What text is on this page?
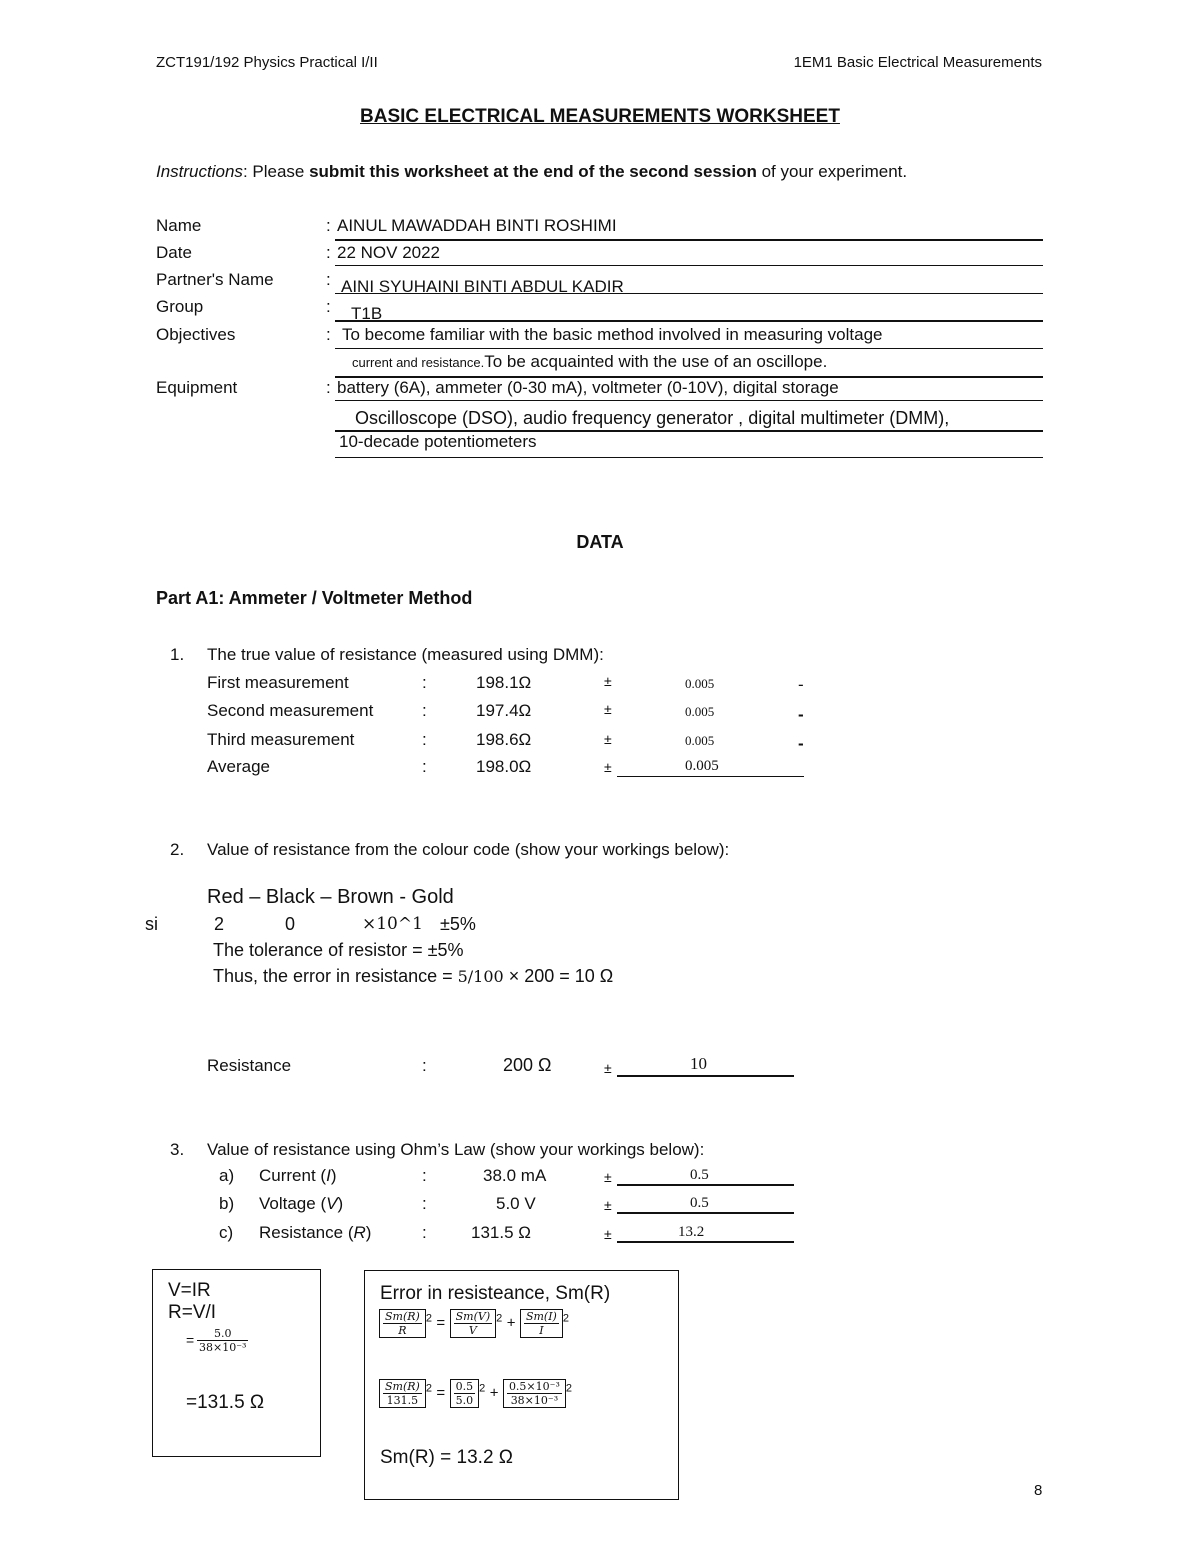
ZCT191/192 Physics Practical I/II	1EM1 Basic Electrical Measurements
BASIC ELECTRICAL MEASUREMENTS WORKSHEET
Instructions: Please submit this worksheet at the end of the second session of your experiment.
Name	: AINUL MAWADDAH BINTI ROSHIMI
Date	: 22 NOV 2022
Partner's Name	: AINI SYUHAINI BINTI ABDUL KADIR
Group	: T1B
Objectives	: To become familiar with the basic method involved in measuring voltage
current and resistance.To be acquainted with the use of an oscillope.
Equipment	: battery (6A), ammeter (0-30 mA), voltmeter (0-10V), digital storage
Oscilloscope (DSO), audio frequency generator , digital multimeter (DMM),
10-decade potentiometers
DATA
Part A1: Ammeter / Voltmeter Method
1. The true value of resistance (measured using DMM):
First measurement	:	198.1Ω	±	0.005	-
Second measurement	:	197.4Ω	±	0.005	-
Third measurement	:	198.6Ω	±	0.005	-
Average	:	198.0Ω	±	0.005
2. Value of resistance from the colour code (show your workings below):
Red – Black – Brown - Gold
si	2	0	×10^1 ±5%
The tolerance of resistor = ±5%
Thus, the error in resistance = 5/100 × 200 = 10 Ω
Resistance	:	200 Ω	±	10
3. Value of resistance using Ohm’s Law (show your workings below):
a) Current (I)	:	38.0 mA	±	0.5
b) Voltage (V)	:	5.0 V	±	0.5
c) Resistance (R)	:	131.5 Ω	±	13.2
V=IR
R=V/I
= $\frac{5.0}{\text{38×10⁻³}}$
=131.5 Ω
Error in resisteance, Sm(R)
$\frac{Sm(R)}{R} ^2 = \frac{Sm(V)}{V} ^2 + \frac{Sm(I)}{I} ^2$
$\frac{Sm(R)}{131.5} ^2 = \frac{0.5}{5.0} ^2 + \frac{\text{0.5×10⁻³}}{\text{38×10⁻³}} ^2$
Sm(R) = 13.2 Ω
8
